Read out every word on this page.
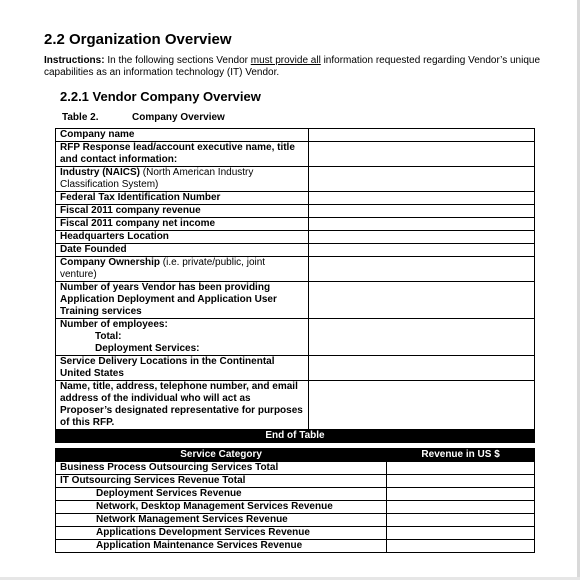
2.2 Organization Overview
Instructions: In the following sections Vendor must provide all information requested regarding Vendor’s unique capabilities as an information technology (IT) Vendor.
2.2.1 Vendor Company Overview
Table 2.	Company Overview
Company name	
RFP Response lead/account executive name, title and contact information:	
Industry (NAICS) (North American Industry Classification System)	
Federal Tax Identification Number	
Fiscal 2011 company revenue	
Fiscal 2011 company net income	
Headquarters Location	
Date Founded	
Company Ownership (i.e. private/public, joint venture)	
Number of years Vendor has been providing Application Deployment and Application User Training services	
Number of employees:
Total:
Deployment Services:	

Service Delivery Locations in the Continental United States	
Name, title, address, telephone number, and email address of the individual who will act as Proposer’s designated representative for purposes of this RFP.	
End of Table	
Table 3.	Details of Revenue Stream
Service Category	Revenue in US $
Business Process Outsourcing Services Total	
IT Outsourcing Services Revenue Total	
Deployment Services Revenue	
Network, Desktop Management Services Revenue	
Network Management Services Revenue	
Applications Development Services Revenue	
Application Maintenance Services Revenue	
